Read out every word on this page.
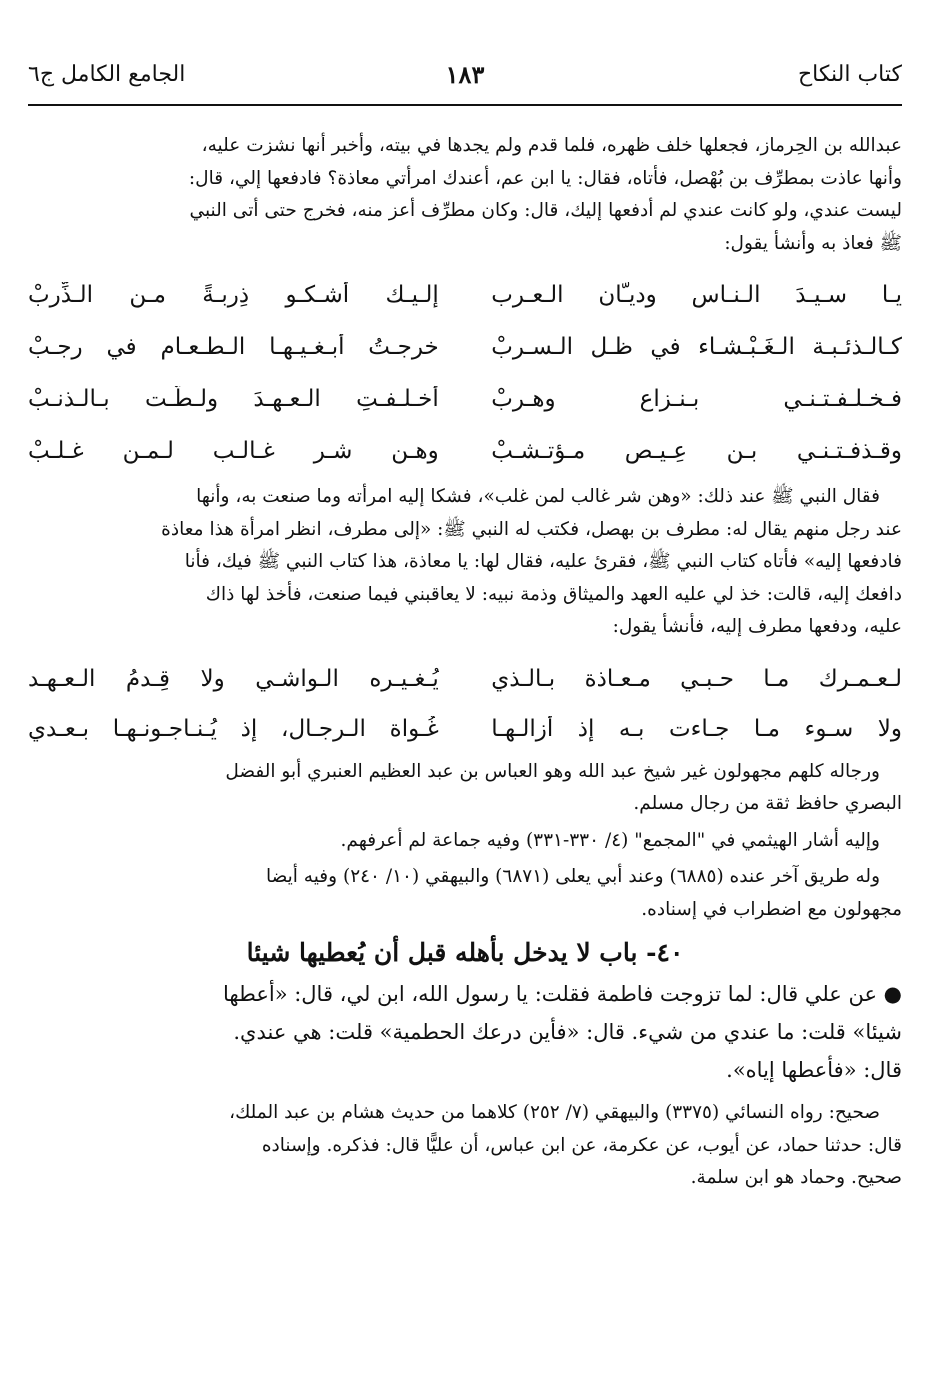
كتاب النكاح
١٨٣
الجامع الكامل ج٦

عبدالله بن الحِرماز، فجعلها خلف ظهره، فلما قدم ولم يجدها في بيته، وأخبر أنها نشزت عليه،

وأنها عاذت بمطرِّف بن بُهْصل، فأتاه، فقال: يا ابن عم، أعندك امرأتي معاذة؟ فادفعها إلي، قال:

ليست عندي، ولو كانت عندي لم أدفعها إليك، قال: وكان مطرِّف أعز منه، فخرج حتى أتى النبي

ﷺ فعاذ به وأنشأ يقول:

يـا سـيـدَ الـنـاس وديـَّان الـعـرب
إلـيـك أشـكـو ذِربـةً مـن الـذِّربْ
كـالـذئـبـة الـغَـبْـشـاء في ظـل الـسـربْ
خرجـتُ أبـغـيـهـا الـطـعـام في رجـبْ
فـخـلـفـتـنـي بـنـزاع وهـربْ
أخـلـفـتِ الـعـهـدَ ولـطَّـت بـالـذنـبْ
وقـذفـتـنـي بـن عِـيـص مـؤتـشـبْ
وهـن شـر غـالـب لـمـن غـلـبْ

فقال النبي ﷺ عند ذلك: «وهن شر غالب لمن غلب»، فشكا إليه امرأته وما صنعت به، وأنها

عند رجل منهم يقال له: مطرف بن بهصل، فكتب له النبي ﷺ: «إلى مطرف، انظر امرأة هذا معاذة

فادفعها إليه» فأتاه كتاب النبي ﷺ، فقرئ عليه، فقال لها: يا معاذة، هذا كتاب النبي ﷺ فيك، فأنا

دافعك إليه، قالت: خذ لي عليه العهد والميثاق وذمة نبيه: لا يعاقبني فيما صنعت، فأخذ لها ذاك

عليه، ودفعها مطرف إليه، فأنشأ يقول:

لـعـمـرك مـا حـبـي مـعـاذة بـالـذي
يُـغـيـره الـواشـي ولا قِـدمُ الـعـهـد
ولا سـوء مـا جـاءت بـه إذ أزالـهـا
غُـواة الـرجـال، إذ يُـنـاجـونـهـا بـعـدي

ورجاله كلهم مجهولون غير شيخ عبد الله وهو العباس بن عبد العظيم العنبري أبو الفضل

البصري حافظ ثقة من رجال مسلم.

وإليه أشار الهيثمي في "المجمع" (٤/ ٣٣٠-٣٣١) وفيه جماعة لم أعرفهم.

وله طريق آخر عنده (٦٨٨٥) وعند أبي يعلى (٦٨٧١) والبيهقي (١٠/ ٢٤٠) وفيه أيضا

مجهولون مع اضطراب في إسناده.

٤٠- باب لا يدخل بأهله قبل أن يُعطيها شيئا

● عن علي قال: لما تزوجت فاطمة فقلت: يا رسول الله، ابن لي، قال: «أعطها

شيئا» قلت: ما عندي من شيء. قال: «فأين درعك الحطمية» قلت: هي عندي.

قال: «فأعطها إياه».

صحيح: رواه النسائي (٣٣٧٥) والبيهقي (٧/ ٢٥٢) كلاهما من حديث هشام بن عبد الملك،

قال: حدثنا حماد، عن أيوب، عن عكرمة، عن ابن عباس، أن عليًّا قال: فذكره. وإسناده

صحيح. وحماد هو ابن سلمة.
